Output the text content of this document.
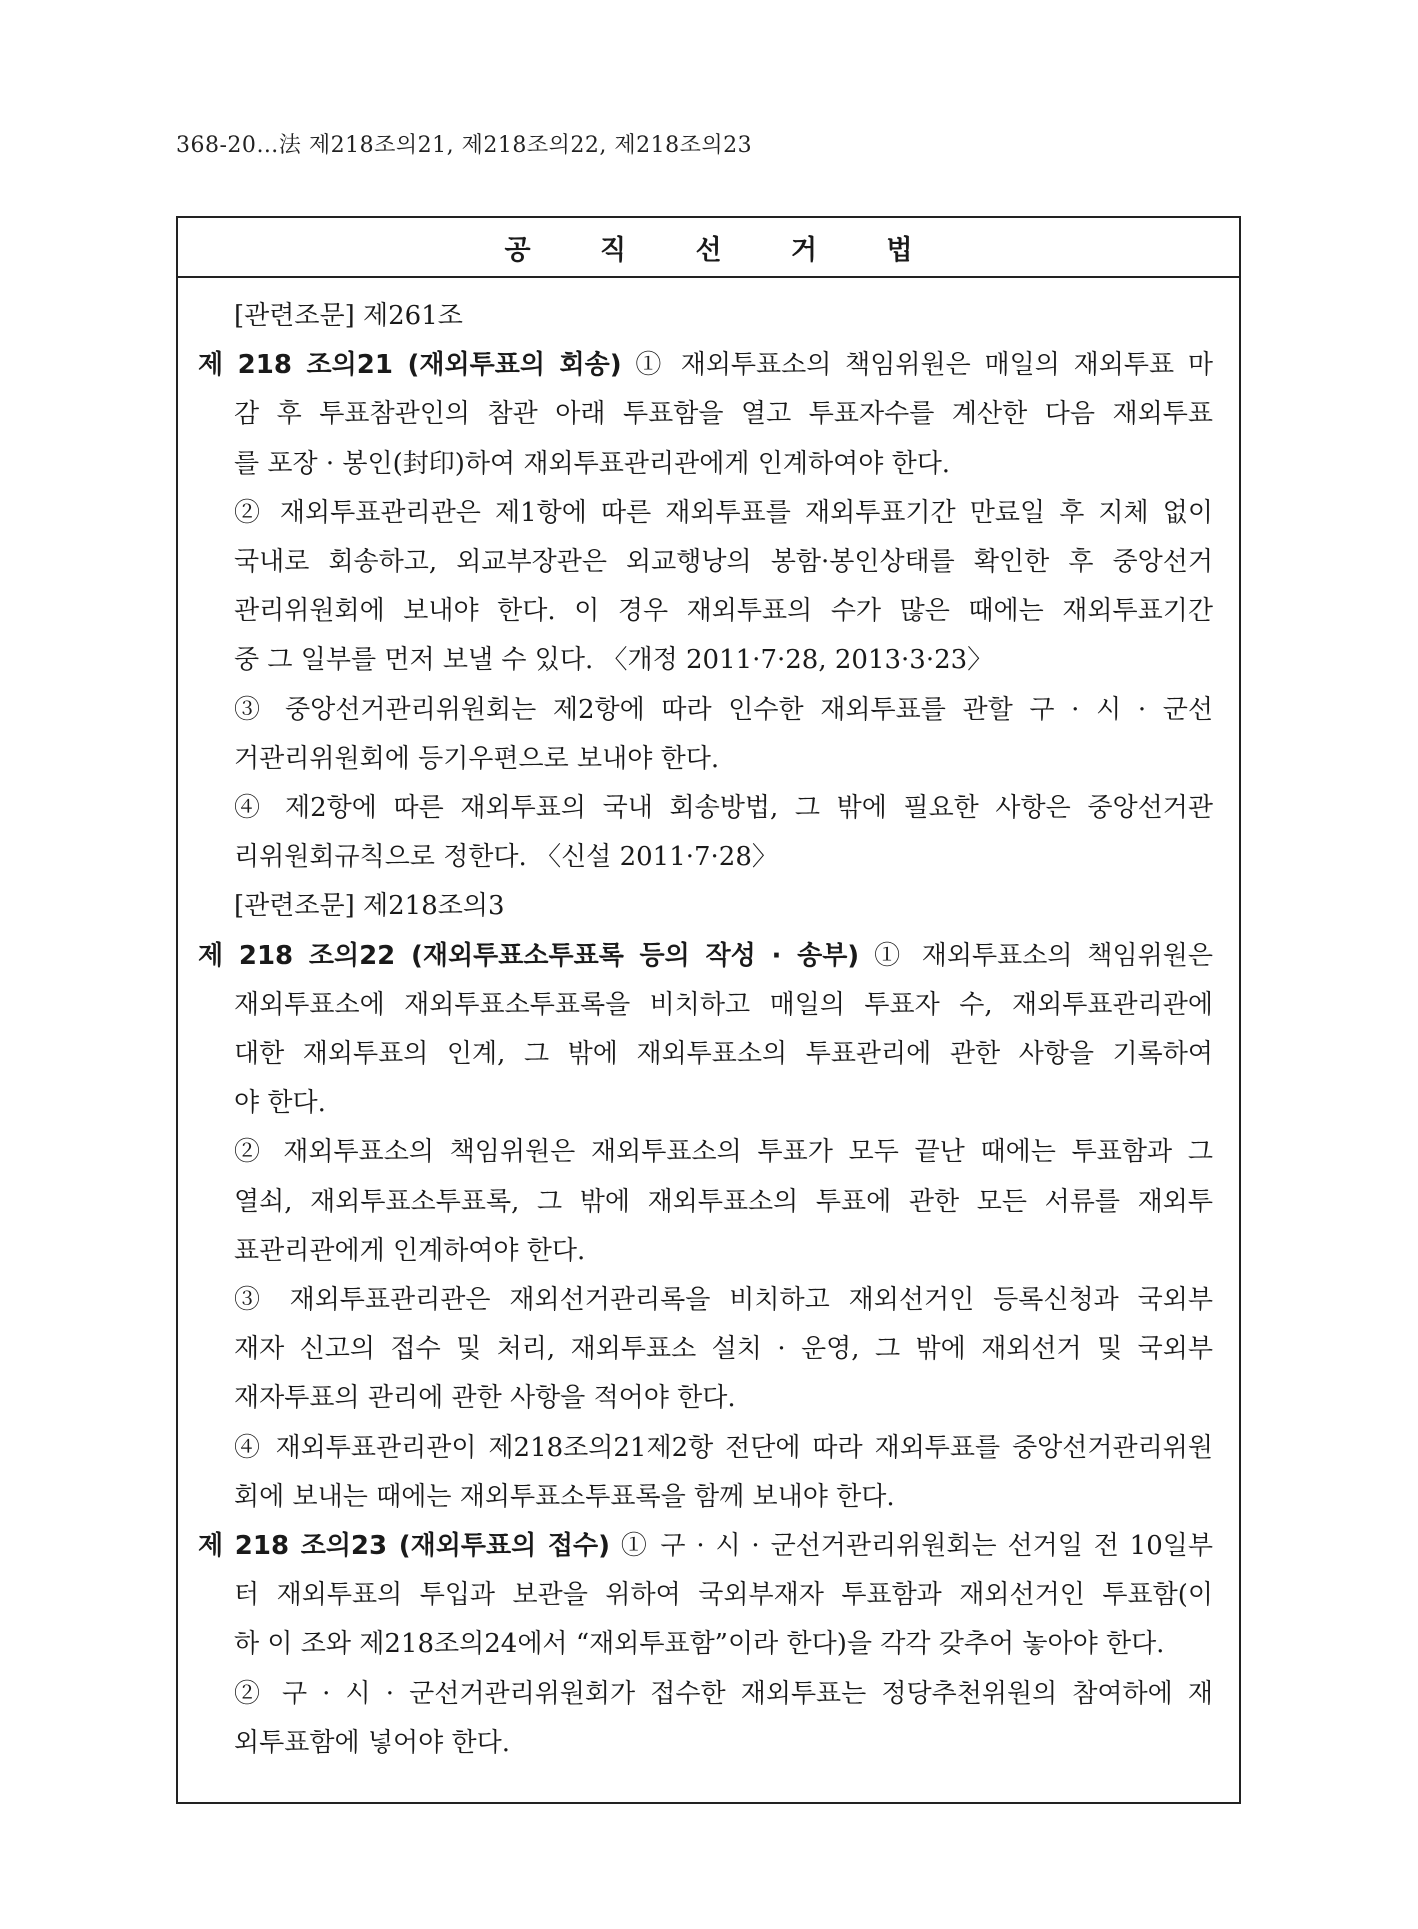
368-20…法 제218조의21, 제218조의22, 제218조의23
공 직 선 거 법
[관련조문] 제261조
제 218 조의21 (재외투표의 회송) ① 재외투표소의 책임위원은 매일의 재외투표 마
감 후 투표참관인의 참관 아래 투표함을 열고 투표자수를 계산한 다음 재외투표
를 포장 · 봉인(封印)하여 재외투표관리관에게 인계하여야 한다.
② 재외투표관리관은 제1항에 따른 재외투표를 재외투표기간 만료일 후 지체 없이
국내로 회송하고, 외교부장관은 외교행낭의 봉함·봉인상태를 확인한 후 중앙선거
관리위원회에 보내야 한다. 이 경우 재외투표의 수가 많은 때에는 재외투표기간
중 그 일부를 먼저 보낼 수 있다. 〈개정 2011·7·28, 2013·3·23〉
③ 중앙선거관리위원회는 제2항에 따라 인수한 재외투표를 관할 구 · 시 · 군선
거관리위원회에 등기우편으로 보내야 한다.
④ 제2항에 따른 재외투표의 국내 회송방법, 그 밖에 필요한 사항은 중앙선거관
리위원회규칙으로 정한다. 〈신설 2011·7·28〉
[관련조문] 제218조의3
제 218 조의22 (재외투표소투표록 등의 작성 · 송부) ① 재외투표소의 책임위원은
재외투표소에 재외투표소투표록을 비치하고 매일의 투표자 수, 재외투표관리관에
대한 재외투표의 인계, 그 밖에 재외투표소의 투표관리에 관한 사항을 기록하여
야 한다.
② 재외투표소의 책임위원은 재외투표소의 투표가 모두 끝난 때에는 투표함과 그
열쇠, 재외투표소투표록, 그 밖에 재외투표소의 투표에 관한 모든 서류를 재외투
표관리관에게 인계하여야 한다.
③ 재외투표관리관은 재외선거관리록을 비치하고 재외선거인 등록신청과 국외부
재자 신고의 접수 및 처리, 재외투표소 설치 · 운영, 그 밖에 재외선거 및 국외부
재자투표의 관리에 관한 사항을 적어야 한다.
④ 재외투표관리관이 제218조의21제2항 전단에 따라 재외투표를 중앙선거관리위원
회에 보내는 때에는 재외투표소투표록을 함께 보내야 한다.
제 218 조의23 (재외투표의 접수) ① 구 · 시 · 군선거관리위원회는 선거일 전 10일부
터 재외투표의 투입과 보관을 위하여 국외부재자 투표함과 재외선거인 투표함(이
하 이 조와 제218조의24에서 “재외투표함”이라 한다)을 각각 갖추어 놓아야 한다.
② 구 · 시 · 군선거관리위원회가 접수한 재외투표는 정당추천위원의 참여하에 재
외투표함에 넣어야 한다.
